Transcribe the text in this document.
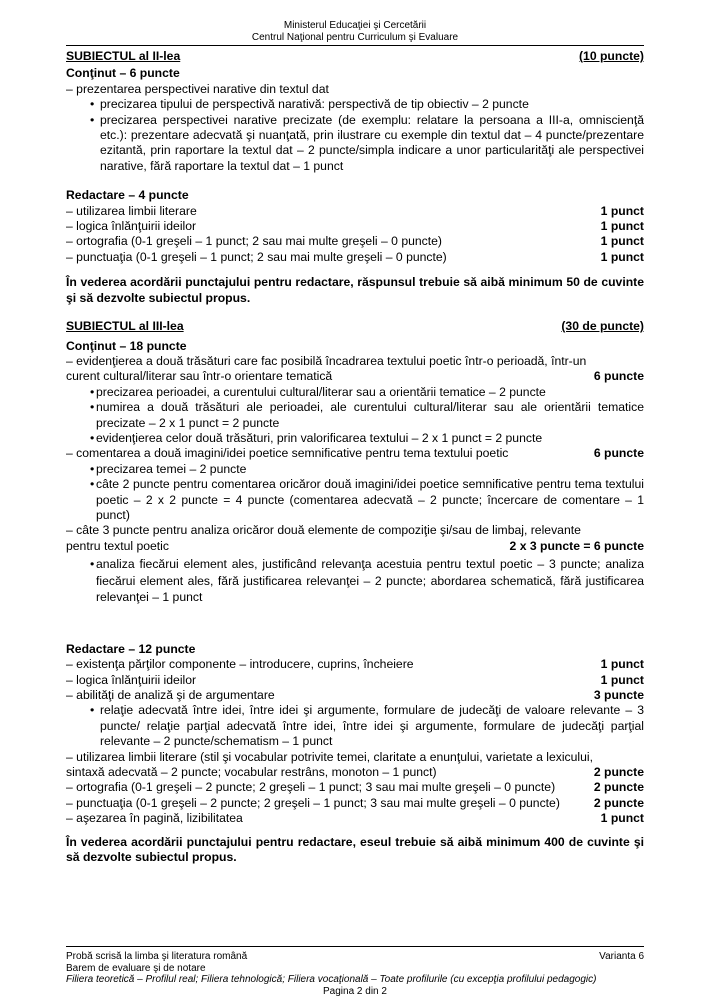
Ministerul Educaţiei şi Cercetării
Centrul Naţional pentru Curriculum şi Evaluare
SUBIECTUL al II-lea	(10 puncte)
Conţinut – 6 puncte
– prezentarea perspectivei narative din textul dat
• precizarea tipului de perspectivă narativă: perspectivă de tip obiectiv – 2 puncte
• precizarea perspectivei narative precizate (de exemplu: relatare la persoana a III-a, omniscienţă etc.): prezentare adecvată şi nuanţată, prin ilustrare cu exemple din textul dat – 4 puncte/prezentare ezitantă, prin raportare la textul dat – 2 puncte/simpla indicare a unor particularităţi ale perspectivei narative, fără raportare la textul dat – 1 punct
Redactare – 4 puncte
– utilizarea limbii literare	1 punct
– logica înlănţuirii ideilor	1 punct
– ortografia (0-1 greşeli – 1 punct; 2 sau mai multe greşeli – 0 puncte)	1 punct
– punctuaţia (0-1 greşeli – 1 punct; 2 sau mai multe greşeli – 0 puncte)	1 punct
În vederea acordării punctajului pentru redactare, răspunsul trebuie să aibă minimum 50 de cuvinte şi să dezvolte subiectul propus.
SUBIECTUL al III-lea	(30 de puncte)
Conţinut – 18 puncte
– evidenţierea a două trăsături care fac posibilă încadrarea textului poetic într-o perioadă, într-un
curent cultural/literar sau într-o orientare tematică	6 puncte
• precizarea perioadei, a curentului cultural/literar sau a orientării tematice – 2 puncte
• numirea a două trăsături ale perioadei, ale curentului cultural/literar sau ale orientării tematice precizate – 2 x 1 punct = 2 puncte
• evidenţierea celor două trăsături, prin valorificarea textului – 2 x 1 punct = 2 puncte
– comentarea a două imagini/idei poetice semnificative pentru tema textului poetic	6 puncte
• precizarea temei – 2 puncte
• câte 2 puncte pentru comentarea oricăror două imagini/idei poetice semnificative pentru tema textului poetic – 2 x 2 puncte = 4 puncte (comentarea adecvată – 2 puncte; încercare de comentare – 1 punct)
– câte 3 puncte pentru analiza oricăror două elemente de compoziţie şi/sau de limbaj, relevante
pentru textul poetic	2 x 3 puncte = 6 puncte
• analiza fiecărui element ales, justificând relevanţa acestuia pentru textul poetic – 3 puncte; analiza fiecărui element ales, fără justificarea relevanţei – 2 puncte; abordarea schematică, fără justificarea relevanţei – 1 punct
Redactare – 12 puncte
– existenţa părţilor componente – introducere, cuprins, încheiere	1 punct
– logica înlănţuirii ideilor	1 punct
– abilităţi de analiză şi de argumentare	3 puncte
• relaţie adecvată între idei, între idei şi argumente, formulare de judecăţi de valoare relevante – 3 puncte/ relaţie parţial adecvată între idei, între idei şi argumente, formulare de judecăţi parţial relevante – 2 puncte/schematism – 1 punct
– utilizarea limbii literare (stil şi vocabular potrivite temei, claritate a enunţului, varietate a lexicului,
sintaxă adecvată – 2 puncte; vocabular restrâns, monoton – 1 punct)	2 puncte
– ortografia (0-1 greşeli – 2 puncte; 2 greşeli – 1 punct; 3 sau mai multe greşeli – 0 puncte)	2 puncte
– punctuaţia (0-1 greşeli – 2 puncte; 2 greşeli – 1 punct; 3 sau mai multe greşeli – 0 puncte)	2 puncte
– aşezarea în pagină, lizibilitatea	1 punct
În vederea acordării punctajului pentru redactare, eseul trebuie să aibă minimum 400 de cuvinte şi să dezvolte subiectul propus.
Probă scrisă la limba şi literatura română	Varianta 6
Barem de evaluare şi de notare
Filiera teoretică – Profilul real; Filiera tehnologică; Filiera vocaţională – Toate profilurile (cu excepţia profilului pedagogic)
Pagina 2 din 2
